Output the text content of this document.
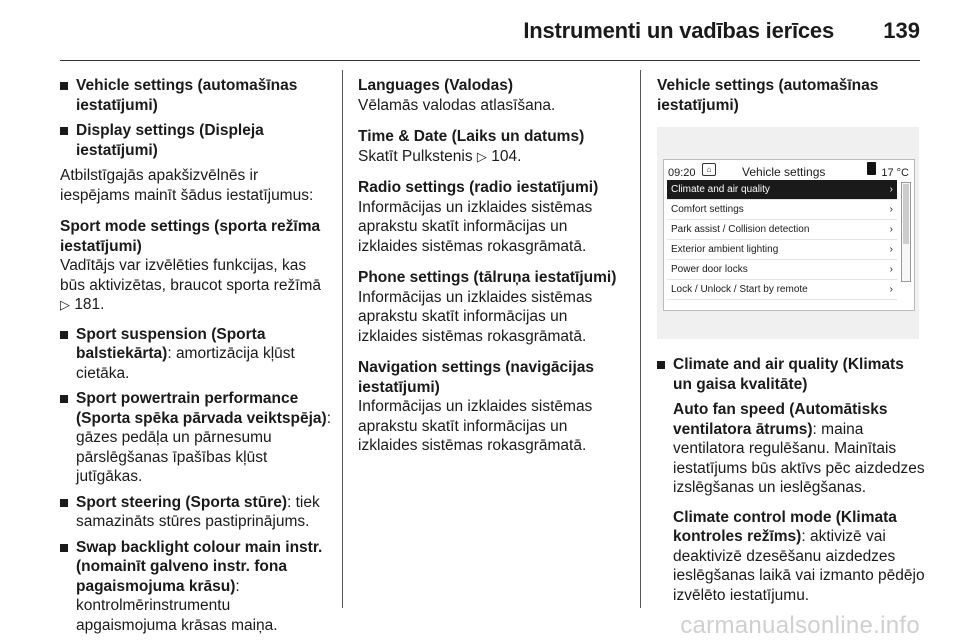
Instrumenti un vadības ierīces 139
Vehicle settings (automašīnas iestatījumi)
Display settings (Displeja iestatījumi)

Atbilstīgajās apakšizvēlnēs ir iespējams mainīt šādus iestatījumus:

Sport mode settings (sporta režīma iestatījumi)

Vadītājs var izvēlēties funkcijas, kas būs aktivizētas, braucot sporta režīmā ▷ 181.

Sport suspension (Sporta balstiekārta): amortizācija kļūst cietāka.
Sport powertrain performance (Sporta spēka pārvada veiktspēja): gāzes pedāļa un pārnesumu pārslēgšanas īpašības kļūst jutīgākas.
Sport steering (Sporta stūre): tiek samazināts stūres pastiprinājums.
Swap backlight colour main instr. (nomainīt galveno instr. fona pagaismojuma krāsu): kontrolmērinstrumentu apgaismojuma krāsas maiņa.
Languages (Valodas)

Vēlamās valodas atlasīšana.

Time & Date (Laiks un datums)

Skatīt Pulkstenis ▷ 104.

Radio settings (radio iestatījumi)

Informācijas un izklaides sistēmas aprakstu skatīt informācijas un izklaides sistēmas rokasgrāmatā.

Phone settings (tālruņa iestatījumi)

Informācijas un izklaides sistēmas aprakstu skatīt informācijas un izklaides sistēmas rokasgrāmatā.

Navigation settings (navigācijas iestatījumi)

Informācijas un izklaides sistēmas aprakstu skatīt informācijas un izklaides sistēmas rokasgrāmatā.

Vehicle settings (automašīnas iestatījumi)
09:20	⌂	Vehicle settings	17 °C
Climate and air quality	›
Comfort settings	›
Park assist / Collision detection	›
Exterior ambient lighting	›
Power door locks	›
Lock / Unlock / Start by remote	›
Climate and air quality (Klimats un gaisa kvalitāte)

Auto fan speed (Automātisks ventilatora ātrums): maina ventilatora regulēšanu. Mainītais iestatījums būs aktīvs pēc aizdedzes izslēgšanas un ieslēgšanas.

Climate control mode (Klimata kontroles režīms): aktivizē vai deaktivizē dzesēšanu aizdedzes ieslēgšanas laikā vai izmanto pēdējo izvēlēto iestatījumu.

carmanualsonline.info
